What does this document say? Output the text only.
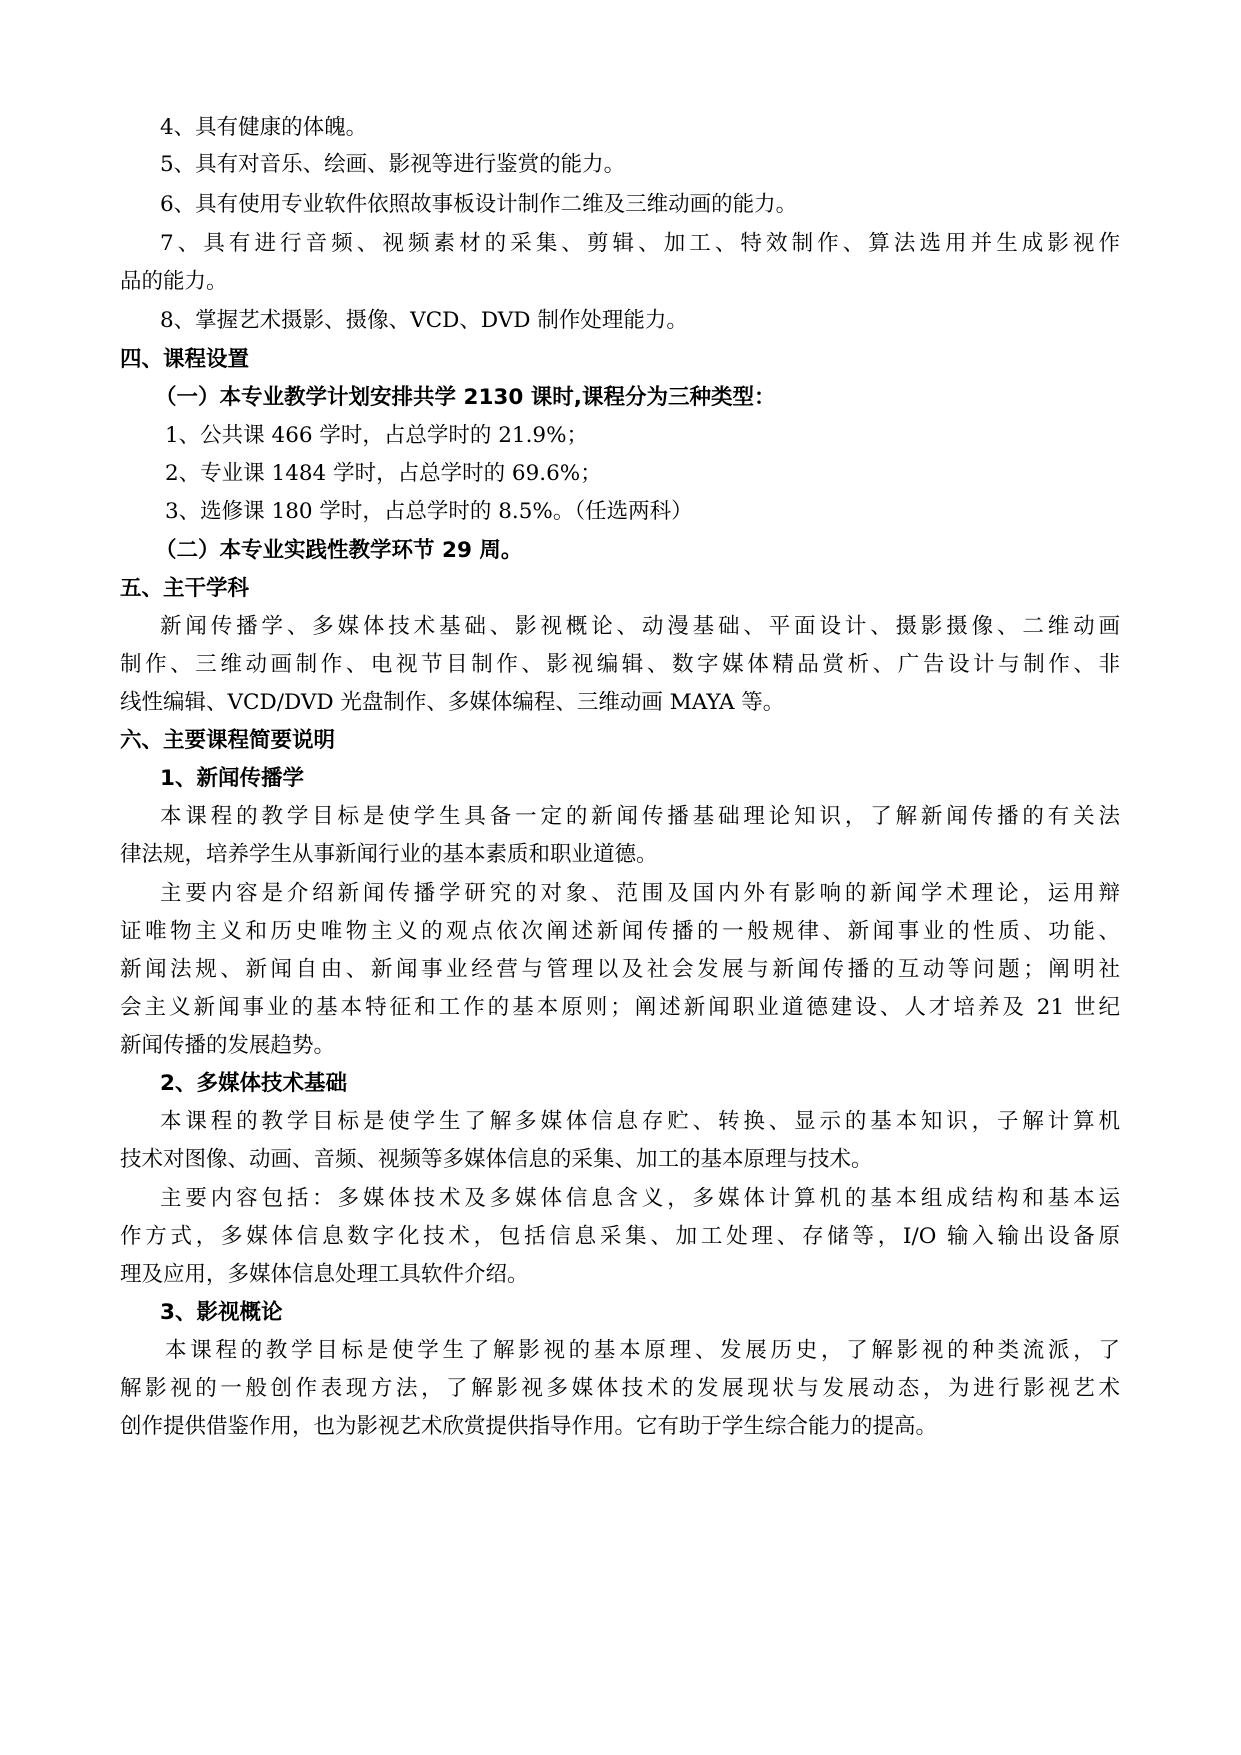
4、具有健康的体魄。
5、具有对音乐、绘画、影视等进行鉴赏的能力。
6、具有使用专业软件依照故事板设计制作二维及三维动画的能力。
7、具有进行音频、视频素材的采集、剪辑、加工、特效制作、算法选用并生成影视作
品的能力。
8、掌握艺术摄影、摄像、VCD、DVD 制作处理能力。
四、课程设置
（一）本专业教学计划安排共学 2130 课时,课程分为三种类型：
1、公共课 466 学时，占总学时的 21.9%；
2、专业课 1484 学时，占总学时的 69.6%；
3、选修课 180 学时，占总学时的 8.5%。（任选两科）
（二）本专业实践性教学环节 29 周。
五、主干学科
新闻传播学、多媒体技术基础、影视概论、动漫基础、平面设计、摄影摄像、二维动画
制作、三维动画制作、电视节目制作、影视编辑、数字媒体精品赏析、广告设计与制作、非
线性编辑、VCD/DVD 光盘制作、多媒体编程、三维动画 MAYA 等。
六、主要课程简要说明
1、新闻传播学
本课程的教学目标是使学生具备一定的新闻传播基础理论知识，了解新闻传播的有关法
律法规，培养学生从事新闻行业的基本素质和职业道德。
主要内容是介绍新闻传播学研究的对象、范围及国内外有影响的新闻学术理论，运用辩
证唯物主义和历史唯物主义的观点依次阐述新闻传播的一般规律、新闻事业的性质、功能、
新闻法规、新闻自由、新闻事业经营与管理以及社会发展与新闻传播的互动等问题；阐明社
会主义新闻事业的基本特征和工作的基本原则；阐述新闻职业道德建设、人才培养及 21 世纪
新闻传播的发展趋势。
2、多媒体技术基础
本课程的教学目标是使学生了解多媒体信息存贮、转换、显示的基本知识，子解计算机
技术对图像、动画、音频、视频等多媒体信息的采集、加工的基本原理与技术。
主要内容包括：多媒体技术及多媒体信息含义，多媒体计算机的基本组成结构和基本运
作方式，多媒体信息数字化技术，包括信息采集、加工处理、存储等，I/O 输入输出设备原
理及应用，多媒体信息处理工具软件介绍。
3、影视概论
本课程的教学目标是使学生了解影视的基本原理、发展历史，了解影视的种类流派，了
解影视的一般创作表现方法，了解影视多媒体技术的发展现状与发展动态，为进行影视艺术
创作提供借鉴作用，也为影视艺术欣赏提供指导作用。它有助于学生综合能力的提高。
